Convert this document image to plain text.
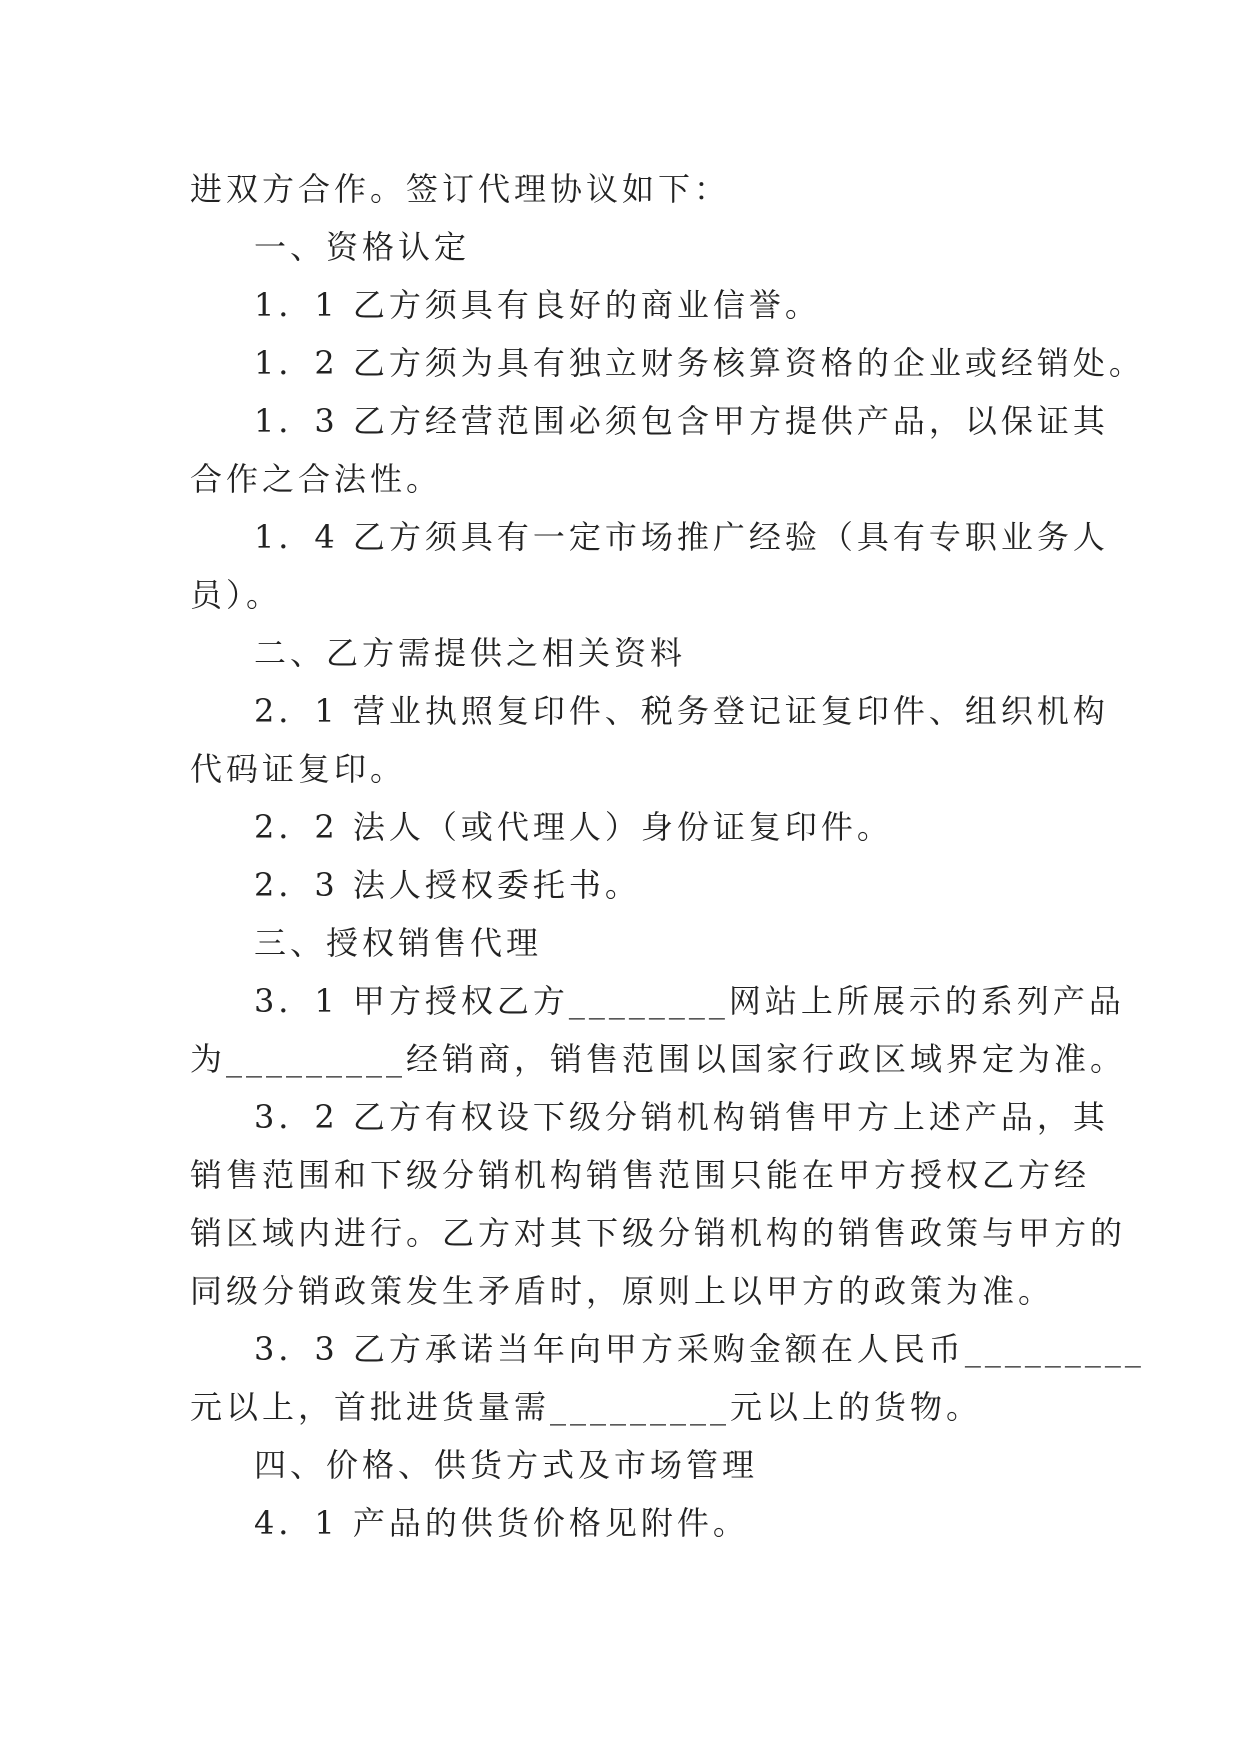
进双方合作。签订代理协议如下：
一、资格认定
1．1 乙方须具有良好的商业信誉。
1．2 乙方须为具有独立财务核算资格的企业或经销处。
1．3 乙方经营范围必须包含甲方提供产品，以保证其
合作之合法性。
1．4 乙方须具有一定市场推广经验（具有专职业务人
员）。
二、乙方需提供之相关资料
2．1 营业执照复印件、税务登记证复印件、组织机构
代码证复印。
2．2 法人（或代理人）身份证复印件。
2．3 法人授权委托书。
三、授权销售代理
3．1 甲方授权乙方________网站上所展示的系列产品
为_________经销商，销售范围以国家行政区域界定为准。
3．2 乙方有权设下级分销机构销售甲方上述产品，其
销售范围和下级分销机构销售范围只能在甲方授权乙方经
销区域内进行。乙方对其下级分销机构的销售政策与甲方的
同级分销政策发生矛盾时，原则上以甲方的政策为准。
3．3 乙方承诺当年向甲方采购金额在人民币_________
元以上，首批进货量需_________元以上的货物。
四、价格、供货方式及市场管理
4．1 产品的供货价格见附件。
